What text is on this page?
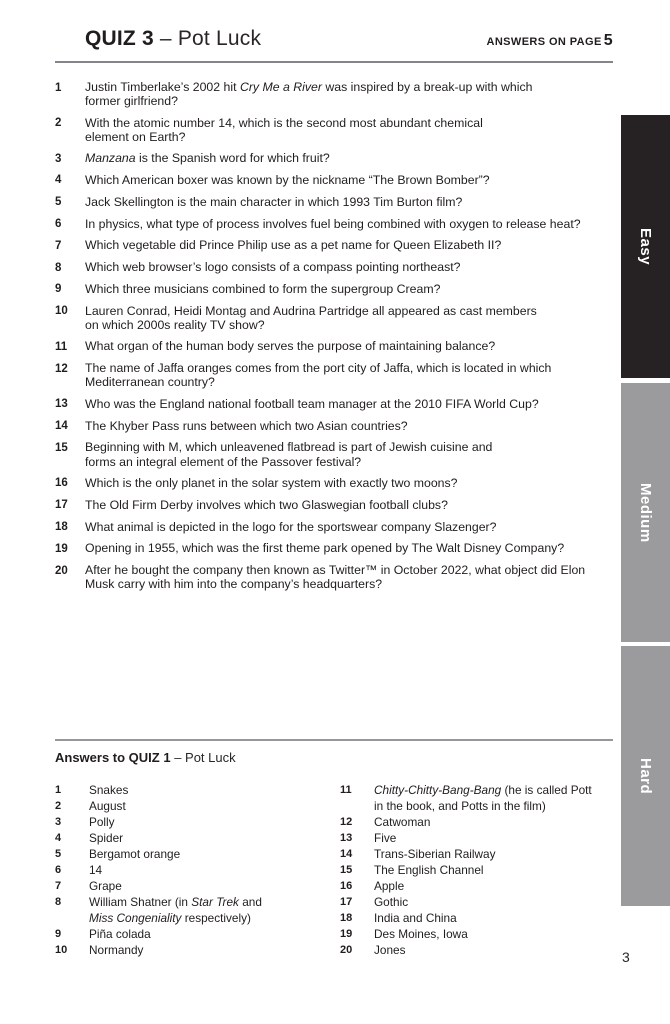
QUIZ 3 – Pot Luck	ANSWERS ON PAGE 5
1	Justin Timberlake’s 2002 hit Cry Me a River was inspired by a break-up with which
former girlfriend?
2	With the atomic number 14, which is the second most abundant chemical
element on Earth?
3	Manzana is the Spanish word for which fruit?
4	Which American boxer was known by the nickname “The Brown Bomber”?
5	Jack Skellington is the main character in which 1993 Tim Burton film?
6	In physics, what type of process involves fuel being combined with oxygen to release heat?
7	Which vegetable did Prince Philip use as a pet name for Queen Elizabeth II?
8	Which web browser’s logo consists of a compass pointing northeast?
9	Which three musicians combined to form the supergroup Cream?
10	Lauren Conrad, Heidi Montag and Audrina Partridge all appeared as cast members
on which 2000s reality TV show?
11	What organ of the human body serves the purpose of maintaining balance?
12	The name of Jaffa oranges comes from the port city of Jaffa, which is located in which
Mediterranean country?
13	Who was the England national football team manager at the 2010 FIFA World Cup?
14	The Khyber Pass runs between which two Asian countries?
15	Beginning with M, which unleavened flatbread is part of Jewish cuisine and
forms an integral element of the Passover festival?
16	Which is the only planet in the solar system with exactly two moons?
17	The Old Firm Derby involves which two Glaswegian football clubs?
18	What animal is depicted in the logo for the sportswear company Slazenger?
19	Opening in 1955, which was the first theme park opened by The Walt Disney Company?
20	After he bought the company then known as Twitter™ in October 2022, what object did Elon
Musk carry with him into the company’s headquarters?
Answers to QUIZ 1 – Pot Luck
1	Snakes
2	August
3	Polly
4	Spider
5	Bergamot orange
6	14
7	Grape
8	William Shatner (in Star Trek and
Miss Congeniality respectively)
9	Piña colada
10	Normandy
11	Chitty-Chitty-Bang-Bang (he is called Pott
in the book, and Potts in the film)
12	Catwoman
13	Five
14	Trans-Siberian Railway
15	The English Channel
16	Apple
17	Gothic
18	India and China
19	Des Moines, Iowa
20	Jones
Easy
Medium
Hard
3
